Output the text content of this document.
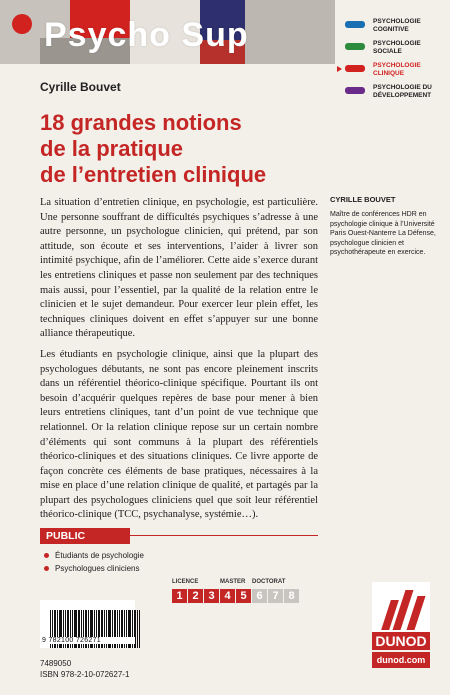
Psycho Sup	PSYCHOLOGIE COGNITIVE
PSYCHOLOGIE SOCIALE
PSYCHOLOGIE CLINIQUE
PSYCHOLOGIE DU DÉVELOPPEMENT
Cyrille Bouvet
18 grandes notions
de la pratique
de l’entretien clinique

La situation d’entretien clinique, en psychologie, est particulière. Une personne souffrant de difficultés psychiques s’adresse à une autre personne, un psychologue clinicien, qui prétend, par son attitude, son écoute et ses interventions, l’aider à livrer son intimité psychique, afin de l’améliorer. Cette aide s’exerce durant les entretiens cliniques et passe non seulement par des techniques mais aussi, pour l’essentiel, par la qualité de la relation entre le clinicien et le sujet demandeur. Pour exercer leur plein effet, les techniques cliniques doivent en effet s’appuyer sur une bonne alliance thérapeutique.

Les étudiants en psychologie clinique, ainsi que la plupart des psychologues débutants, ne sont pas encore pleinement inscrits dans un référentiel théorico-clinique spécifique. Pourtant ils ont besoin d’acquérir quelques repères de base pour mener à bien leurs entretiens cliniques, tant d’un point de vue technique que relationnel. Or la relation clinique repose sur un certain nombre d’éléments qui sont communs à la plupart des référentiels théorico-cliniques et des situations cliniques. Ce livre apporte de façon concrète ces éléments de base pratiques, nécessaires à la mise en place d’une relation clinique de qualité, et partagés par la plupart des psychologues cliniciens quel que soit leur référentiel théorico-clinique (TCC, psychanalyse, systémie…).

CYRILLE BOUVET
Maître de conférences HDR en psychologie clinique à l’Université Paris Ouest-Nanterre La Défense, psychologue clinicien et psychothérapeute en exercice.
PUBLIC
Étudiants de psychologie
Psychologues cliniciens
LICENCE	MASTER DOCTORAT
1 2 3 4 5 6 7 8
9 782100 726271
7489050
ISBN 978-2-10-072627-1
DUNOD
dunod.com
